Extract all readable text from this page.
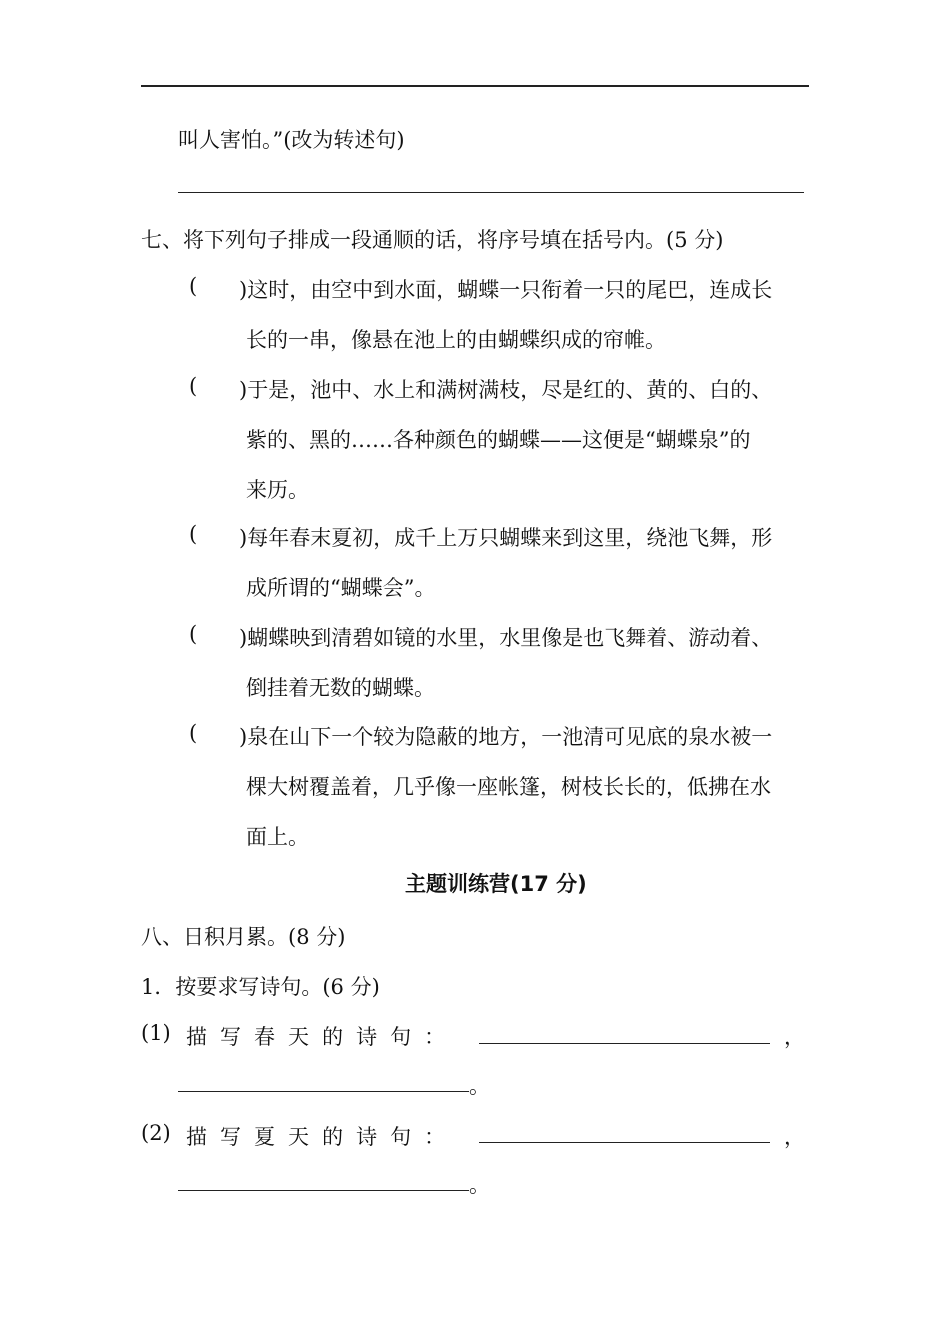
叫人害怕。”(改为转述句)
七、将下列句子排成一段通顺的话，将序号填在括号内。(5 分)
( )这时，由空中到水面，蝴蝶一只衔着一只的尾巴，连成长
长的一串，像悬在池上的由蝴蝶织成的帘帷。
( )于是，池中、水上和满树满枝，尽是红的、黄的、白的、
紫的、黑的……各种颜色的蝴蝶——这便是“蝴蝶泉”的
来历。
( )每年春末夏初，成千上万只蝴蝶来到这里，绕池飞舞，形
成所谓的“蝴蝶会”。
( )蝴蝶映到清碧如镜的水里，水里像是也飞舞着、游动着、
倒挂着无数的蝴蝶。
( )泉在山下一个较为隐蔽的地方，一池清可见底的泉水被一
棵大树覆盖着，几乎像一座帐篷，树枝长长的，低拂在水
面上。
主题训练营(17 分)
八、日积月累。(8 分)
1．按要求写诗句。(6 分)
(1) 描写春天的诗句：	，
。
(2) 描写夏天的诗句：	，
。
